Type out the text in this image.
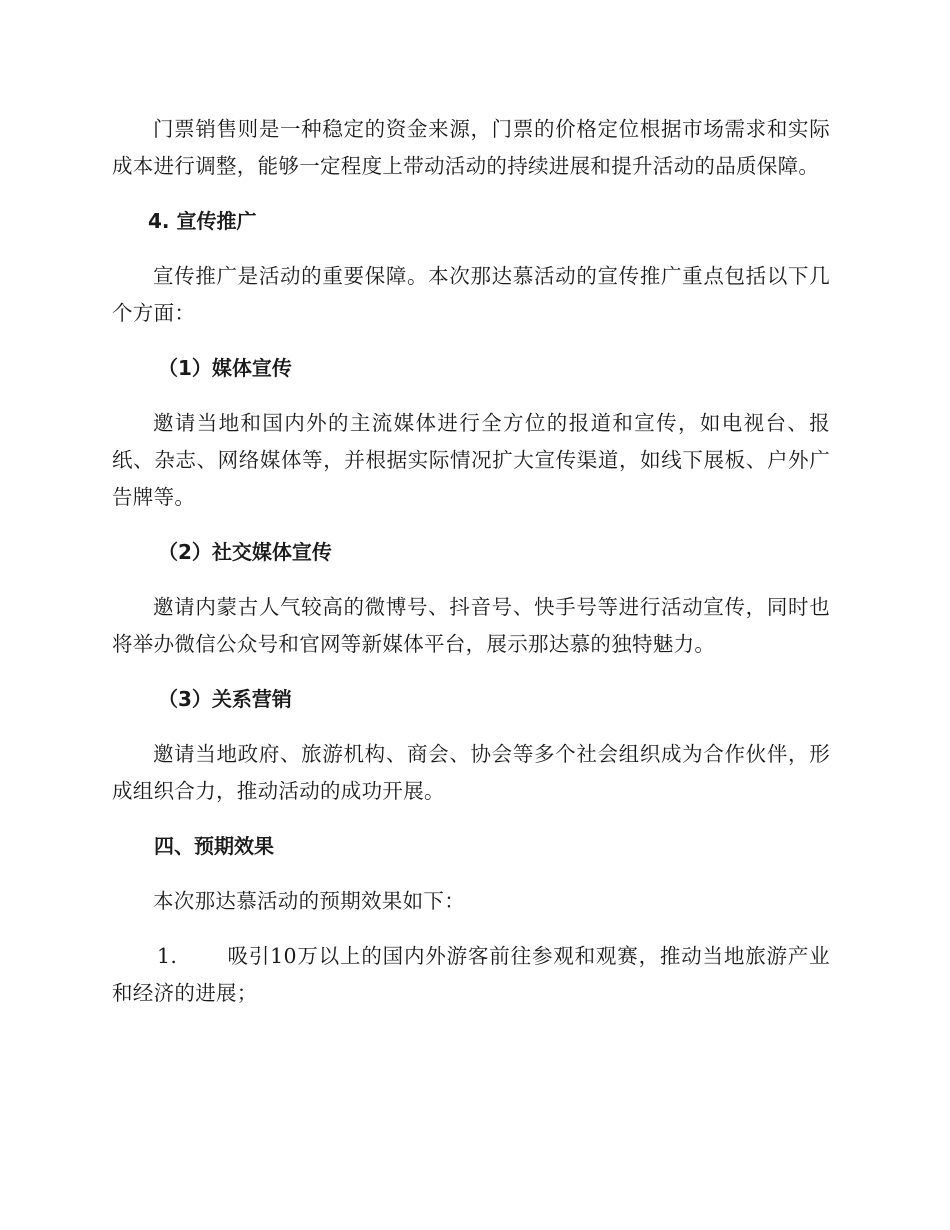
门票销售则是一种稳定的资金来源，门票的价格定位根据市场需求和实际成本进行调整，能够一定程度上带动活动的持续进展和提升活动的品质保障。

4. 宣传推广

宣传推广是活动的重要保障。本次那达慕活动的宣传推广重点包括以下几个方面：

（1）媒体宣传

邀请当地和国内外的主流媒体进行全方位的报道和宣传，如电视台、报纸、杂志、网络媒体等，并根据实际情况扩大宣传渠道，如线下展板、户外广告牌等。

（2）社交媒体宣传

邀请内蒙古人气较高的微博号、抖音号、快手号等进行活动宣传，同时也将举办微信公众号和官网等新媒体平台，展示那达慕的独特魅力。

（3）关系营销

邀请当地政府、旅游机构、商会、协会等多个社会组织成为合作伙伴，形成组织合力，推动活动的成功开展。

四、预期效果

本次那达慕活动的预期效果如下：

1. 吸引10万以上的国内外游客前往参观和观赛，推动当地旅游产业和经济的进展；
